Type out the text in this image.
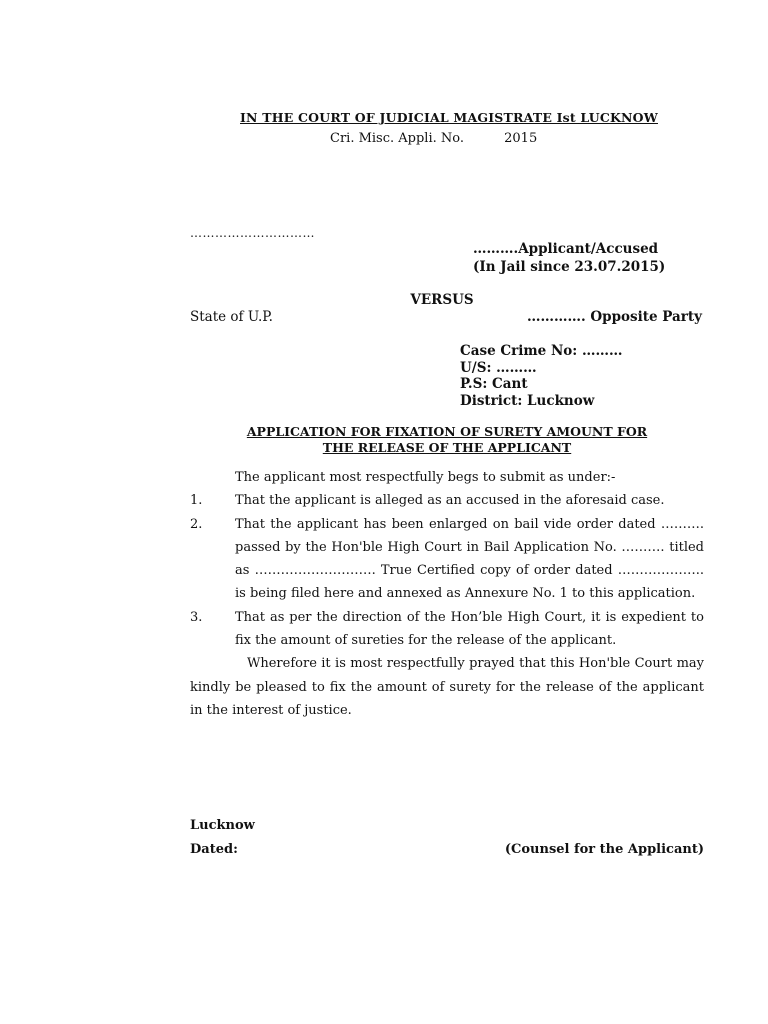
IN THE COURT OF JUDICIAL MAGISTRATE Ist LUCKNOW
Cri. Misc. Appli. No.	2015
…………………………
……….Applicant/Accused
(In Jail since 23.07.2015)
VERSUS
State of U.P.	…………. Opposite Party
Case Crime No: ………
U/S: ………
P.S: Cant
District: Lucknow
APPLICATION FOR FIXATION OF SURETY AMOUNT FOR
THE RELEASE OF THE APPLICANT
The applicant most respectfully begs to submit as under:-
1.	That the applicant is alleged as an accused in the aforesaid case.
2.	That the applicant has been enlarged on bail vide order dated ………. passed by the Hon'ble High Court in Bail Application No. ………. titled as ………………………. True Certified copy of order dated ……………….. is being filed here and annexed as Annexure No. 1 to this application.
3.	That as per the direction of the Hon’ble High Court, it is expedient to fix the amount of sureties for the release of the applicant.
Wherefore it is most respectfully prayed that this Hon'ble Court may kindly be pleased to fix the amount of surety for the release of the applicant in the interest of justice.
Lucknow
Dated:	(Counsel for the Applicant)
